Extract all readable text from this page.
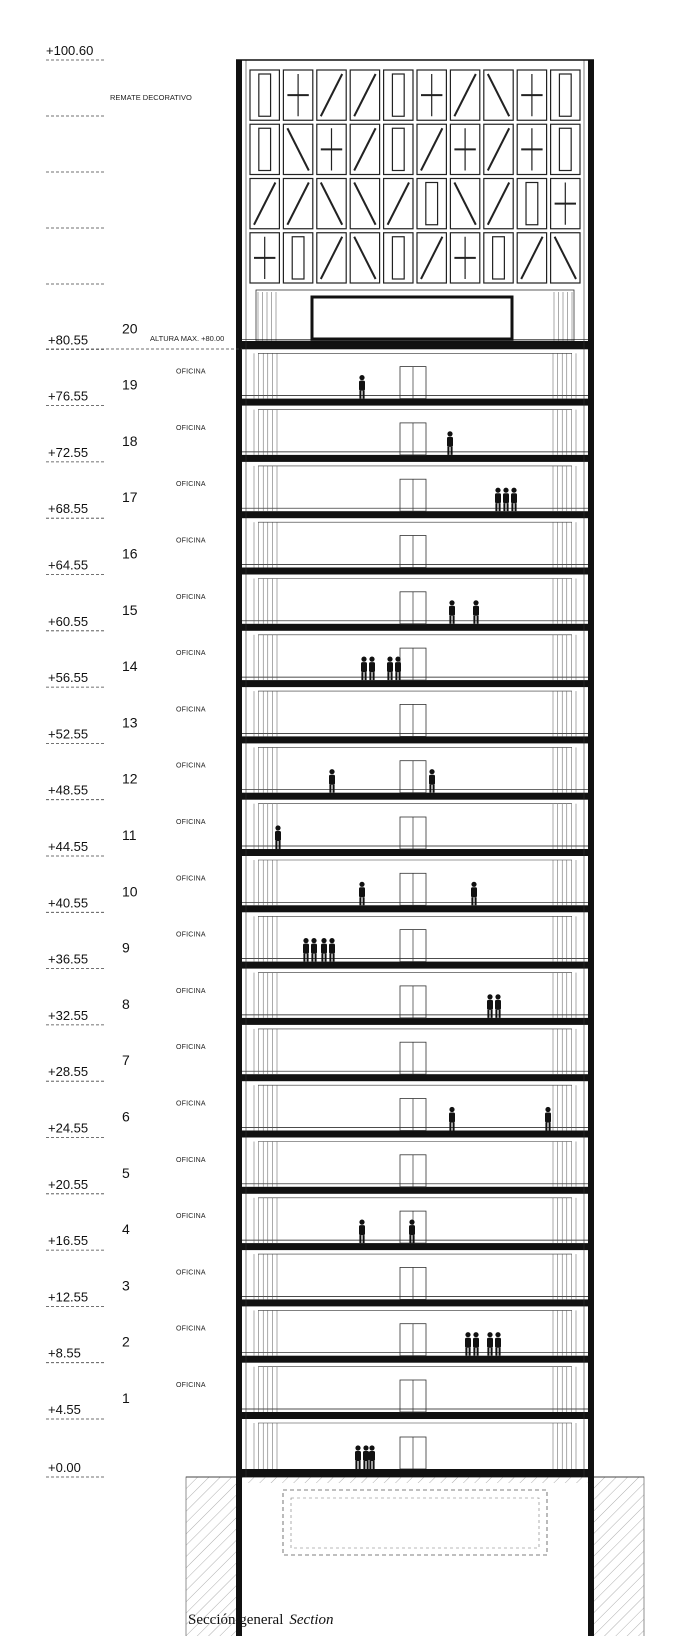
+0.00
+4.55
1
OFICINA
+8.55
2
OFICINA
+12.55
3
OFICINA
+16.55
4
OFICINA
+20.55
5
OFICINA
+24.55
6
OFICINA
+28.55
7
OFICINA
+32.55
8
OFICINA
+36.55
9
OFICINA
+40.55
10
OFICINA
+44.55
11
OFICINA
+48.55
12
OFICINA
+52.55
13
OFICINA
+56.55
14
OFICINA
+60.55
15
OFICINA
+64.55
16
OFICINA
+68.55
17
OFICINA
+72.55
18
OFICINA
+76.55
19
OFICINA
+80.55
20
+100.60
REMATE DECORATIVO
ALTURA MAX. +80.00
Sección general Section
